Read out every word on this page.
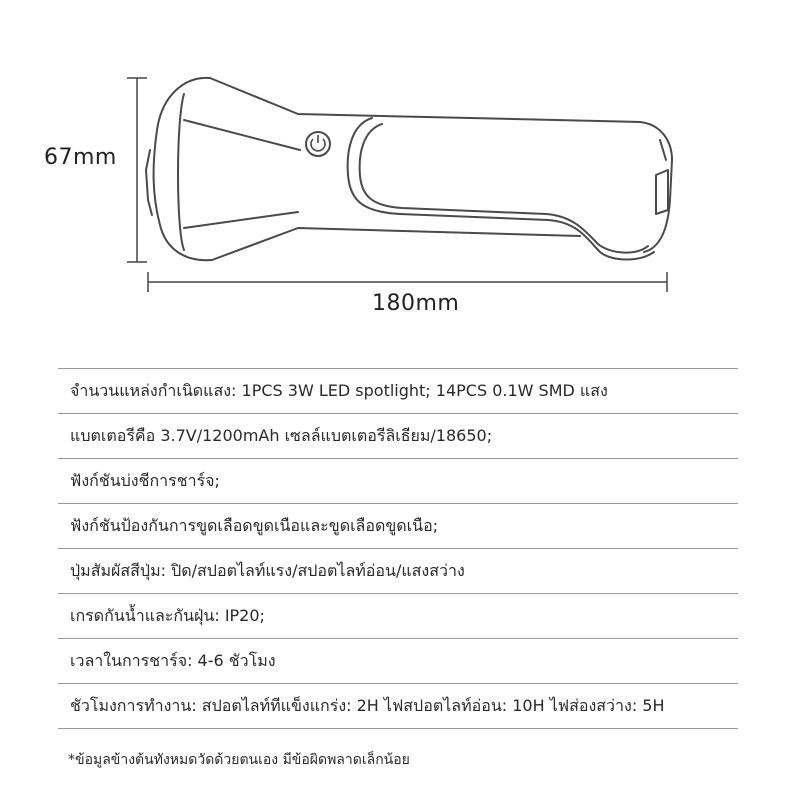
67mm
180mm
จำนวนแหล่งกำเนิดแสง: 1PCS 3W LED spotlight; 14PCS 0.1W SMD แสง
แบตเตอรีคือ 3.7V/1200mAh เซลล์แบตเตอรีลิเธียม/18650;
ฟังก์ชันบ่งชีการชาร์จ;
ฟังก์ชันป้องกันการขูดเลือดขูดเนือและขูดเลือดขูดเนือ;
ปุ่มสัมผัสสีปุ่ม: ปิด/สปอตไลท์แรง/สปอตไลท์อ่อน/แสงสว่าง
เกรดกันน้ำและกันฝุ่น: IP20;
เวลาในการชาร์จ: 4-6 ชัวโมง
ชัวโมงการทำงาน: สปอตไลท์ทีแข็งแกร่ง: 2H ไฟสปอตไลท์อ่อน: 10H ไฟส่องสว่าง: 5H
*ข้อมูลข้างต้นทังหมดวัดด้วยตนเอง มีข้อผิดพลาดเล็กน้อย
